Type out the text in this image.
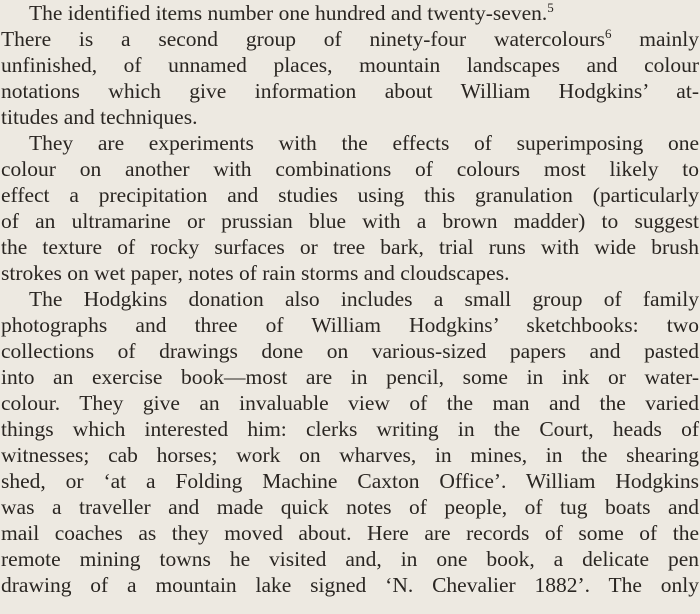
The identified items number one hundred and twenty-seven.$^5$
There is a second group of ninety-four watercolours$^6$ mainly
unfinished, of unnamed places, mountain landscapes and colour
notations which give information about William Hodgkins’ at-
titudes and techniques.
They are experiments with the effects of superimposing one
colour on another with combinations of colours most likely to
effect a precipitation and studies using this granulation (particularly
of an ultramarine or prussian blue with a brown madder) to suggest
the texture of rocky surfaces or tree bark, trial runs with wide brush
strokes on wet paper, notes of rain storms and cloudscapes.
The Hodgkins donation also includes a small group of family
photographs and three of William Hodgkins’ sketchbooks: two
collections of drawings done on various-sized papers and pasted
into an exercise book—most are in pencil, some in ink or water-
colour. They give an invaluable view of the man and the varied
things which interested him: clerks writing in the Court, heads of
witnesses; cab horses; work on wharves, in mines, in the shearing
shed, or ‘at a Folding Machine Caxton Office’. William Hodgkins
was a traveller and made quick notes of people, of tug boats and
mail coaches as they moved about. Here are records of some of the
remote mining towns he visited and, in one book, a delicate pen
drawing of a mountain lake signed ‘N. Chevalier 1882’. The only
